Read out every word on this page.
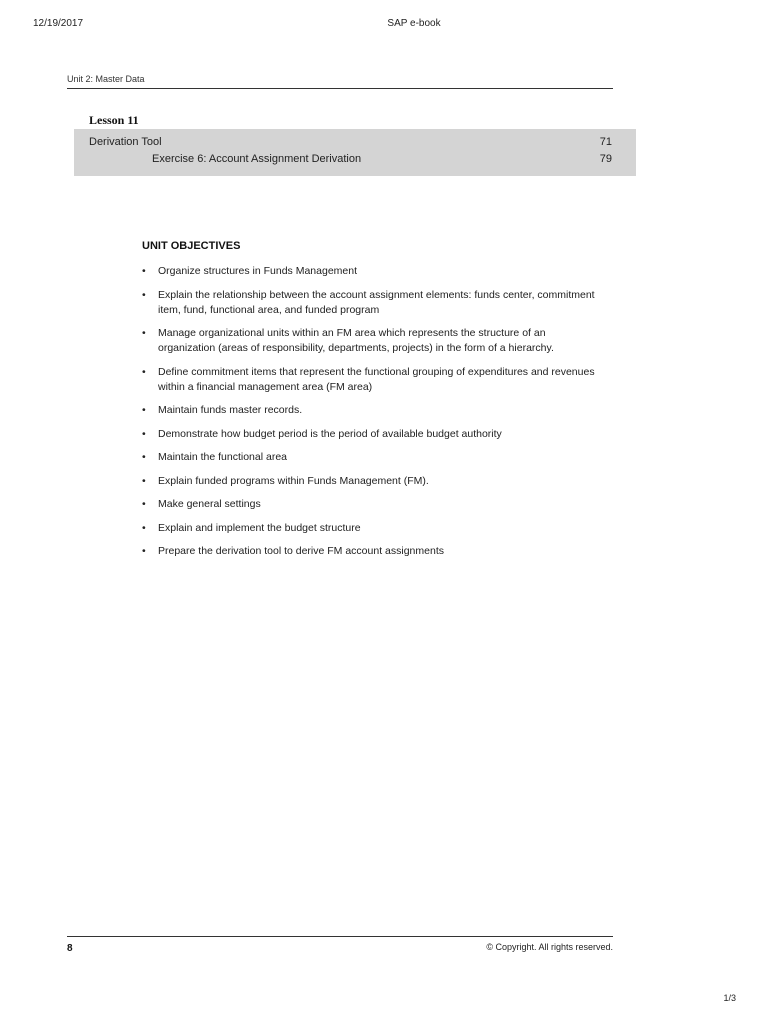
12/19/2017	SAP e-book
Unit 2: Master Data
Lesson 11
Derivation Tool	71
Exercise 6: Account Assignment Derivation	79
UNIT OBJECTIVES
• Organize structures in Funds Management
• Explain the relationship between the account assignment elements: funds center, commitment item, fund, functional area, and funded program
• Manage organizational units within an FM area which represents the structure of an organization (areas of responsibility, departments, projects) in the form of a hierarchy.
• Define commitment items that represent the functional grouping of expenditures and revenues within a financial management area (FM area)
• Maintain funds master records.
• Demonstrate how budget period is the period of available budget authority
• Maintain the functional area
• Explain funded programs within Funds Management (FM).
• Make general settings
• Explain and implement the budget structure
• Prepare the derivation tool to derive FM account assignments
8	© Copyright. All rights reserved.
1/3
